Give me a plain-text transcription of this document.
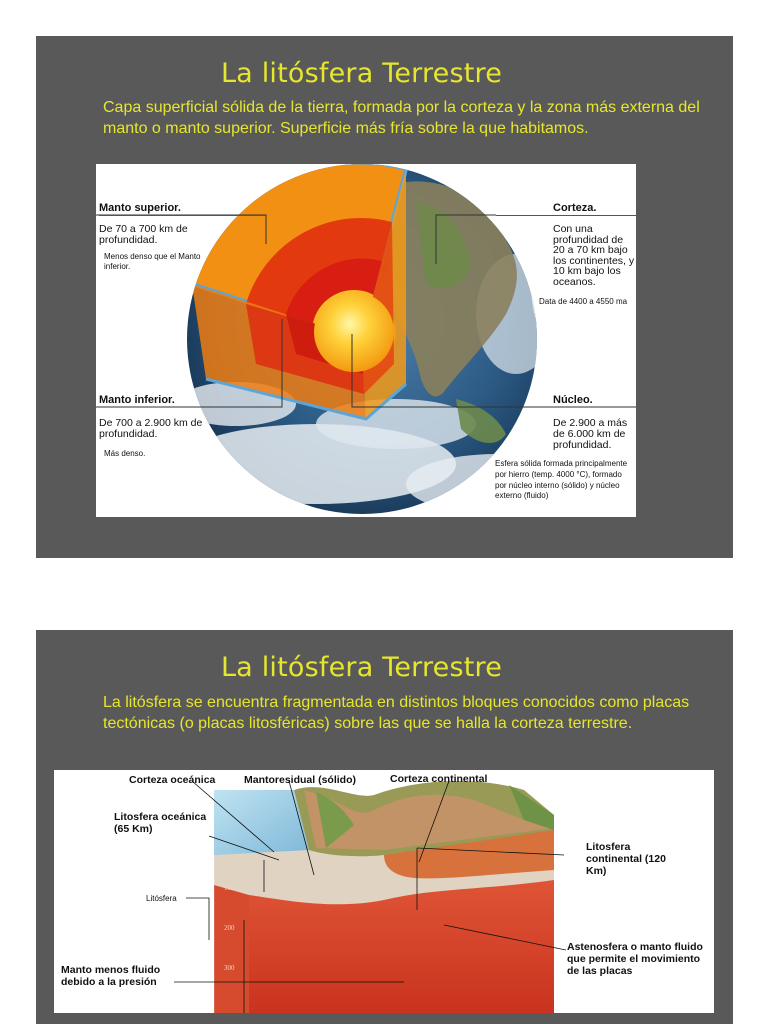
La litósfera Terrestre
Capa superficial sólida de la tierra, formada por la corteza y la zona más externa del manto o manto superior. Superficie más fría sobre la que habitamos.
Manto superior.
De 70 a 700 km de profundidad.
Menos denso que el Manto inferior.
Manto inferior.
De 700 a 2.900 km de profundidad.
Más denso.
Corteza.
Con una profundidad de 20 a 70 km bajo los continentes, y 10 km bajo los oceanos.
Data de 4400 a 4550 ma
Núcleo.
De 2.900 a más de 6.000 km de profundidad.
Esfera sólida formada principalmente por hierro (temp. 4000 °C), formado por núcleo interno (sólido) y núcleo externo (fluido)
La litósfera Terrestre
La litósfera se encuentra fragmentada en distintos bloques conocidos como placas tectónicas (o placas litosféricas) sobre las que se halla la corteza terrestre.
Corteza oceánica	Mantoresidual (sólido)	Corteza continental
Litosfera oceánica (65 Km)
Litósfera
Litosfera continental (120 Km)
Astenosfera o manto fluido que permite el movimiento de las placas
Manto menos fluido debido a la presión
100
200
300
